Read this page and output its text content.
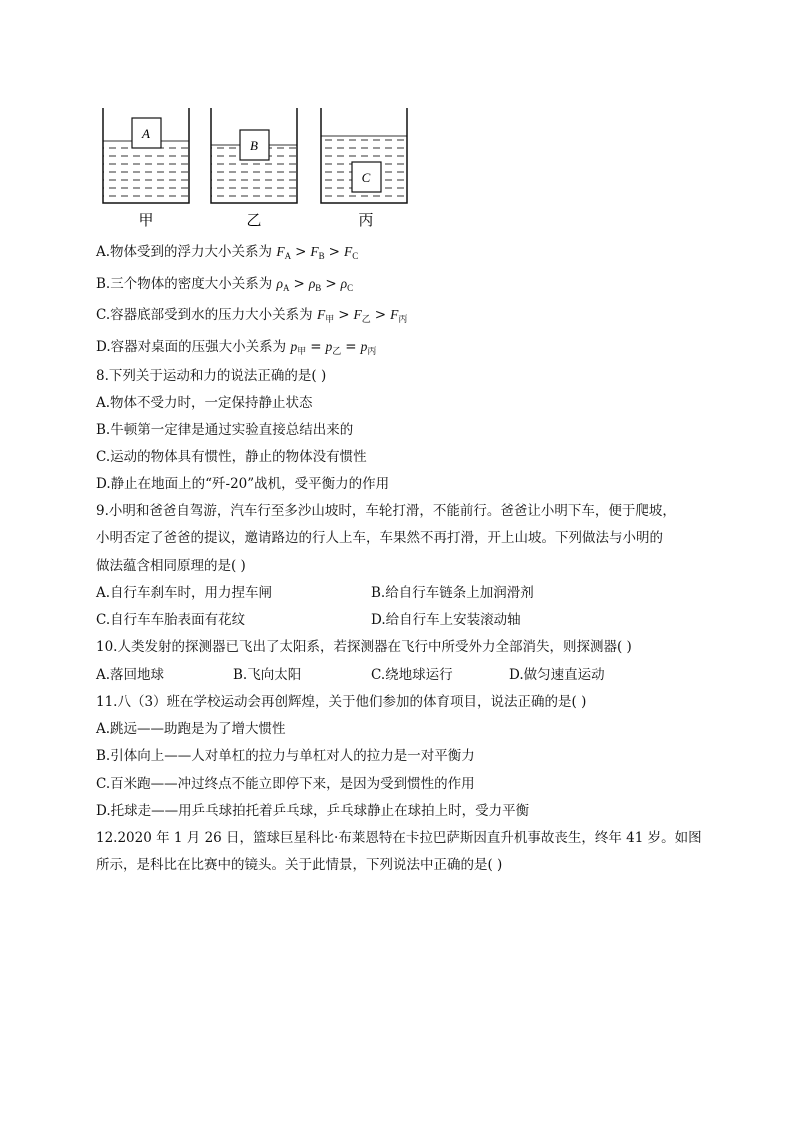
A
甲
B
乙
C
丙
A.物体受到的浮力大小关系为 $F_A > F_B > F_C$
B.三个物体的密度大小关系为 $\rho_A > \rho_B > \rho_C$
C.容器底部受到水的压力大小关系为 $F_甲 > F_乙 > F_丙$
D.容器对桌面的压强大小关系为 $p_甲 = p_乙 = p_丙$
8.下列关于运动和力的说法正确的是( )
A.物体不受力时，一定保持静止状态
B.牛顿第一定律是通过实验直接总结出来的
C.运动的物体具有惯性，静止的物体没有惯性
D.静止在地面上的“歼-20”战机，受平衡力的作用
9.小明和爸爸自驾游，汽车行至多沙山坡时，车轮打滑，不能前行。爸爸让小明下车，便于爬坡，
小明否定了爸爸的提议，邀请路边的行人上车，车果然不再打滑，开上山坡。下列做法与小明的
做法蕴含相同原理的是( )
A.自行车刹车时，用力捏车闸	B.给自行车链条上加润滑剂
C.自行车车胎表面有花纹	D.给自行车上安装滚动轴
10.人类发射的探测器已飞出了太阳系，若探测器在飞行中所受外力全部消失，则探测器( )
A.落回地球	B.飞向太阳	C.绕地球运行	D.做匀速直运动
11.八（3）班在学校运动会再创辉煌，关于他们参加的体育项目，说法正确的是( )
A.跳远——助跑是为了增大惯性
B.引体向上——人对单杠的拉力与单杠对人的拉力是一对平衡力
C.百米跑——冲过终点不能立即停下来，是因为受到惯性的作用
D.托球走——用乒乓球拍托着乒乓球，乒乓球静止在球拍上时，受力平衡
12.2020 年 1 月 26 日，篮球巨星科比·布莱恩特在卡拉巴萨斯因直升机事故丧生，终年 41 岁。如图
所示，是科比在比赛中的镜头。关于此情景，下列说法中正确的是( )
